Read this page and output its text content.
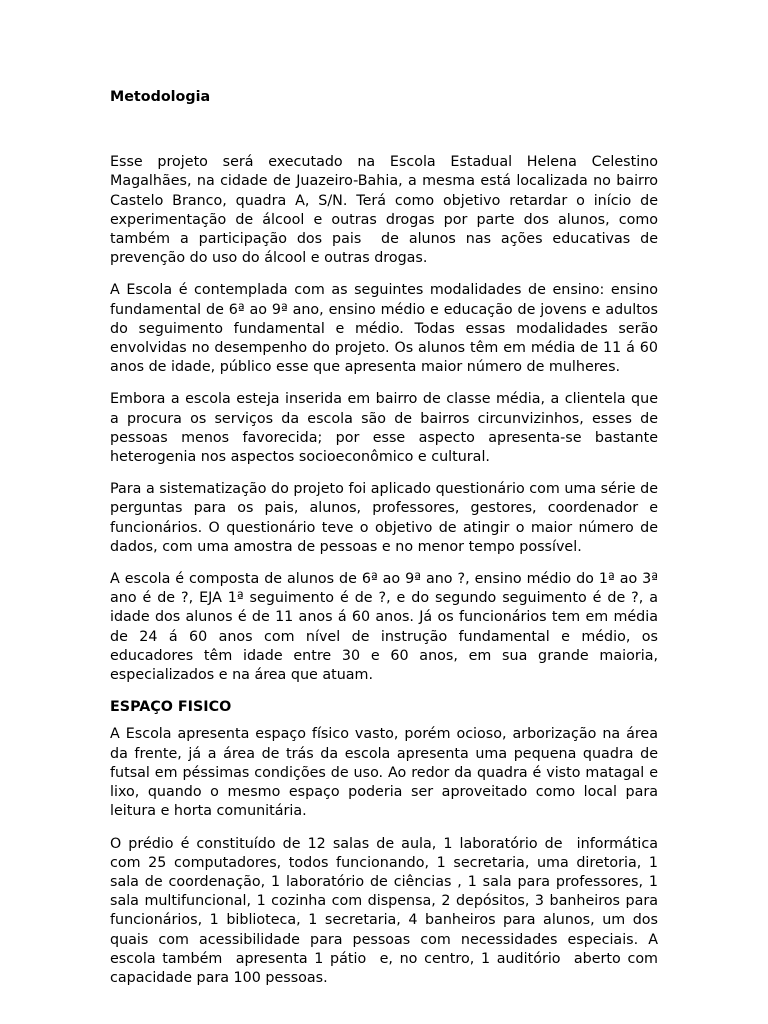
Metodologia

Esse projeto será executado na Escola Estadual Helena Celestino Magalhães, na cidade de Juazeiro-Bahia, a mesma está localizada no bairro Castelo Branco, quadra A, S/N. Terá como objetivo retardar o início de experimentação de álcool e outras drogas por parte dos alunos, como também a participação dos pais  de alunos nas ações educativas de prevenção do uso do álcool e outras drogas.

A Escola é contemplada com as seguintes modalidades de ensino: ensino fundamental de 6ª ao 9ª ano, ensino médio e educação de jovens e adultos do seguimento fundamental e médio. Todas essas modalidades serão envolvidas no desempenho do projeto. Os alunos têm em média de 11 á 60 anos de idade, público esse que apresenta maior número de mulheres.

Embora a escola esteja inserida em bairro de classe média, a clientela que a procura os serviços da escola são de bairros circunvizinhos, esses de pessoas menos favorecida; por esse aspecto apresenta-se bastante heterogenia nos aspectos socioeconômico e cultural.

Para a sistematização do projeto foi aplicado questionário com uma série de perguntas para os pais, alunos, professores, gestores, coordenador e funcionários. O questionário teve o objetivo de atingir o maior número de dados, com uma amostra de pessoas e no menor tempo possível.

A escola é composta de alunos de 6ª ao 9ª ano ?, ensino médio do 1ª ao 3ª ano é de ?, EJA 1ª seguimento é de ?, e do segundo seguimento é de ?, a idade dos alunos é de 11 anos á 60 anos. Já os funcionários tem em média de 24 á 60 anos com nível de instrução fundamental e médio, os educadores têm idade entre 30 e 60 anos, em sua grande maioria, especializados e na área que atuam.

ESPAÇO FISICO

A Escola apresenta espaço físico vasto, porém ocioso, arborização na área da frente, já a área de trás da escola apresenta uma pequena quadra de futsal em péssimas condições de uso. Ao redor da quadra é visto matagal e lixo, quando o mesmo espaço poderia ser aproveitado como local para leitura e horta comunitária.

O prédio é constituído de 12 salas de aula, 1 laboratório de  informática com 25 computadores, todos funcionando, 1 secretaria, uma diretoria, 1 sala de coordenação, 1 laboratório de ciências , 1 sala para professores, 1 sala multifuncional, 1 cozinha com dispensa, 2 depósitos, 3 banheiros para funcionários, 1 biblioteca, 1 secretaria, 4 banheiros para alunos, um dos quais com acessibilidade para pessoas com necessidades especiais. A escola também  apresenta 1 pátio  e, no centro, 1 auditório  aberto com capacidade para 100 pessoas.
